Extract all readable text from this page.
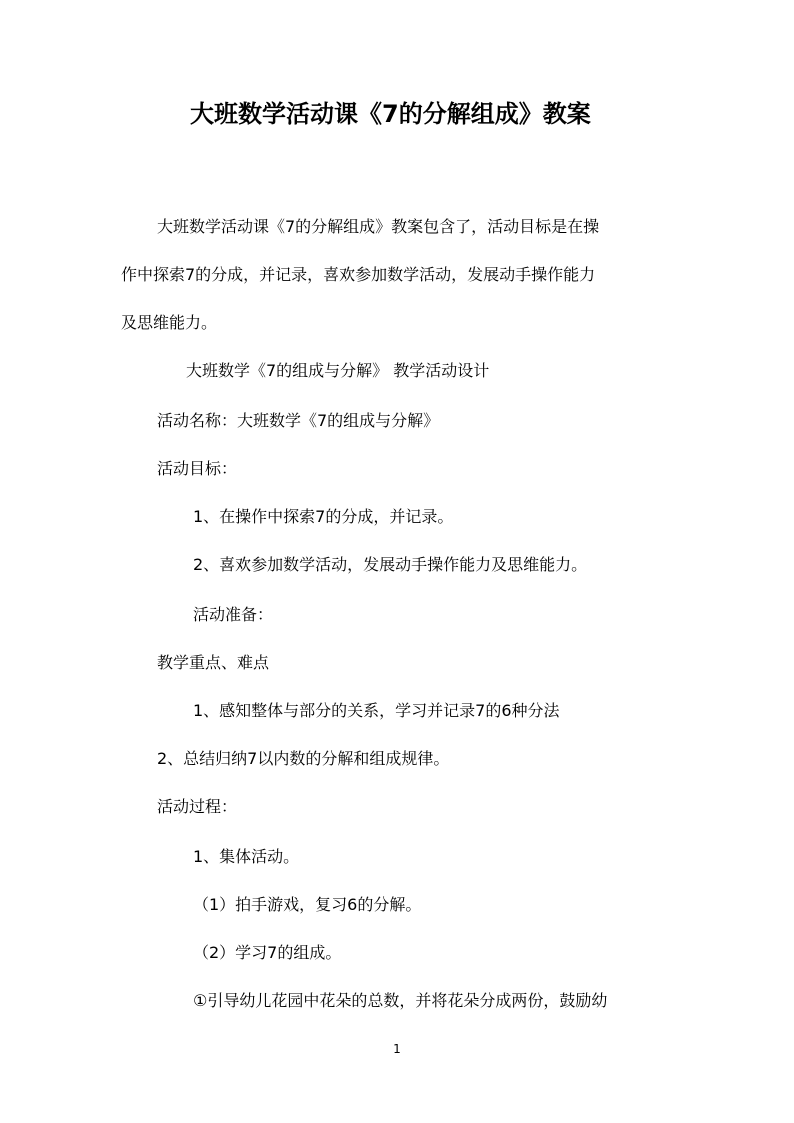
大班数学活动课《7的分解组成》教案

大班数学活动课《7的分解组成》教案包含了，活动目标是在操

作中探索7的分成，并记录，喜欢参加数学活动，发展动手操作能力

及思维能力。

大班数学《7的组成与分解》 教学活动设计

活动名称：大班数学《7的组成与分解》

活动目标：

1、在操作中探索7的分成，并记录。

2、喜欢参加数学活动，发展动手操作能力及思维能力。

活动准备：

教学重点、难点

1、感知整体与部分的关系，学习并记录7的6种分法

2、总结归纳7以内数的分解和组成规律。

活动过程：

1、集体活动。

（1）拍手游戏，复习6的分解。

（2）学习7的组成。

①引导幼儿花园中花朵的总数，并将花朵分成两份，鼓励幼

1
